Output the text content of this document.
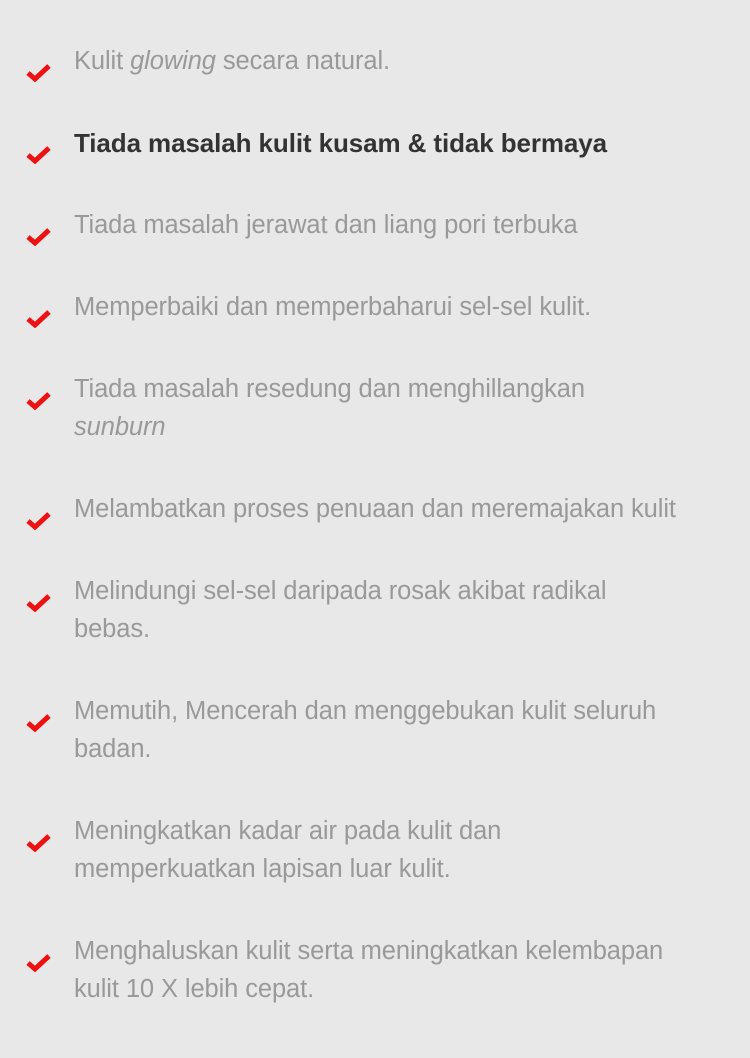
Kulit glowing secara natural.
Tiada masalah kulit kusam & tidak bermaya
Tiada masalah jerawat dan liang pori terbuka
Memperbaiki dan memperbaharui sel-sel kulit.
Tiada masalah resedung dan menghillangkan
sunburn
Melambatkan proses penuaan dan meremajakan kulit
Melindungi sel-sel daripada rosak akibat radikal
bebas.
Memutih, Mencerah dan menggebukan kulit seluruh
badan.
Meningkatkan kadar air pada kulit dan
memperkuatkan lapisan luar kulit.
Menghaluskan kulit serta meningkatkan kelembapan
kulit 10 X lebih cepat.
